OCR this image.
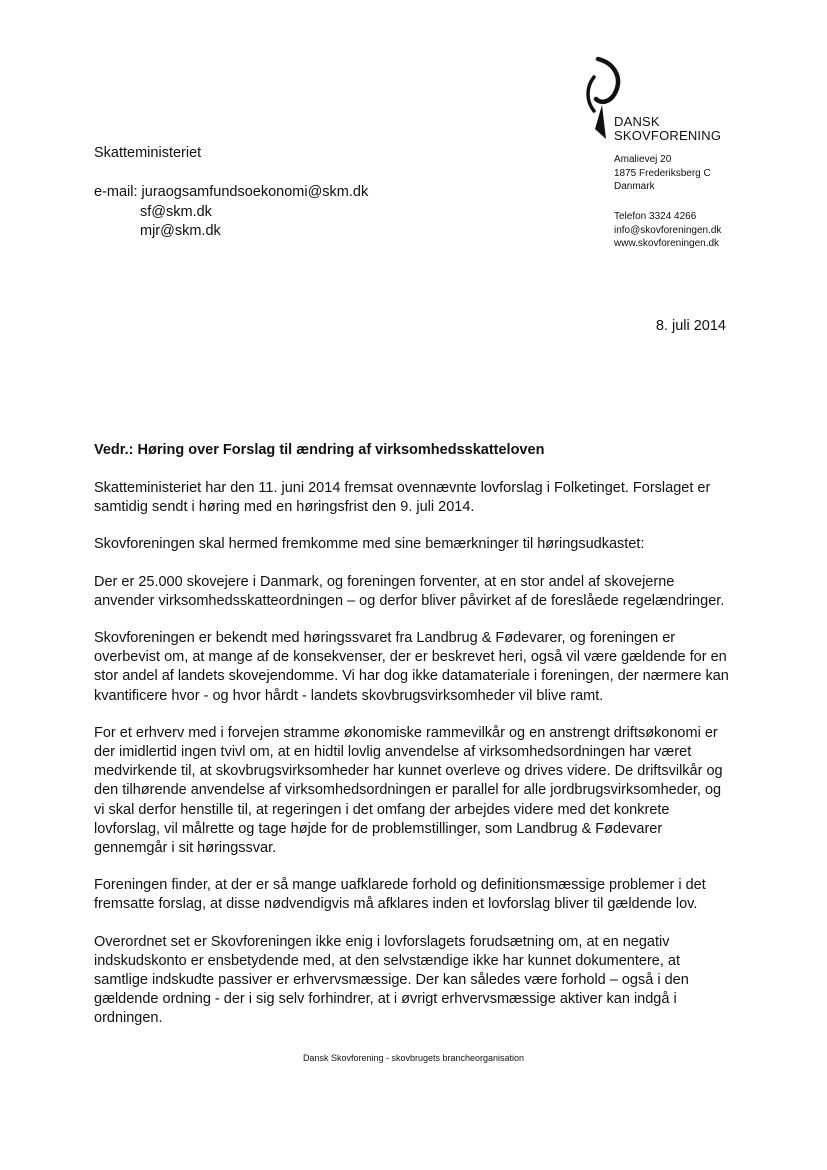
Skatteministeriet
e-mail: juraogsamfundsoekonomi@skm.dk
sf@skm.dk
mjr@skm.dk
DANSK
SKOVFORENING
Amalievej 20
1875 Frederiksberg C
Danmark
Telefon 3324 4266
info@skovforeningen.dk
www.skovforeningen.dk
8. juli 2014
Vedr.: Høring over Forslag til ændring af virksomhedsskatteloven

Skatteministeriet har den 11. juni 2014 fremsat ovennævnte lovforslag i Folketinget. Forslaget er samtidig sendt i høring med en høringsfrist den 9. juli 2014.

Skovforeningen skal hermed fremkomme med sine bemærkninger til høringsudkastet:

Der er 25.000 skovejere i Danmark, og foreningen forventer, at en stor andel af skovejerne anvender virksomhedsskatteordningen – og derfor bliver påvirket af de foreslåede regelændringer.

Skovforeningen er bekendt med høringssvaret fra Landbrug & Fødevarer, og foreningen er overbevist om, at mange af de konsekvenser, der er beskrevet heri, også vil være gældende for en stor andel af landets skovejendomme. Vi har dog ikke datamateriale i foreningen, der nærmere kan kvantificere hvor - og hvor hårdt - landets skovbrugsvirksomheder vil blive ramt.

For et erhverv med i forvejen stramme økonomiske rammevilkår og en anstrengt driftsøkonomi er der imidlertid ingen tvivl om, at en hidtil lovlig anvendelse af virksomhedsordningen har været medvirkende til, at skovbrugsvirksomheder har kunnet overleve og drives videre. De driftsvilkår og den tilhørende anvendelse af virksomhedsordningen er parallel for alle jordbrugsvirksomheder, og vi skal derfor henstille til, at regeringen i det omfang der arbejdes videre med det konkrete lovforslag, vil målrette og tage højde for de problemstillinger, som Landbrug & Fødevarer gennemgår i sit høringssvar.

Foreningen finder, at der er så mange uafklarede forhold og definitionsmæssige problemer i det fremsatte forslag, at disse nødvendigvis må afklares inden et lovforslag bliver til gældende lov.

Overordnet set er Skovforeningen ikke enig i lovforslagets forudsætning om, at en negativ indskudskonto er ensbetydende med, at den selvstændige ikke har kunnet dokumentere, at samtlige indskudte passiver er erhvervsmæssige. Der kan således være forhold – også i den gældende ordning - der i sig selv forhindrer, at i øvrigt erhvervsmæssige aktiver kan indgå i ordningen.

Dansk Skovforening - skovbrugets brancheorganisation
